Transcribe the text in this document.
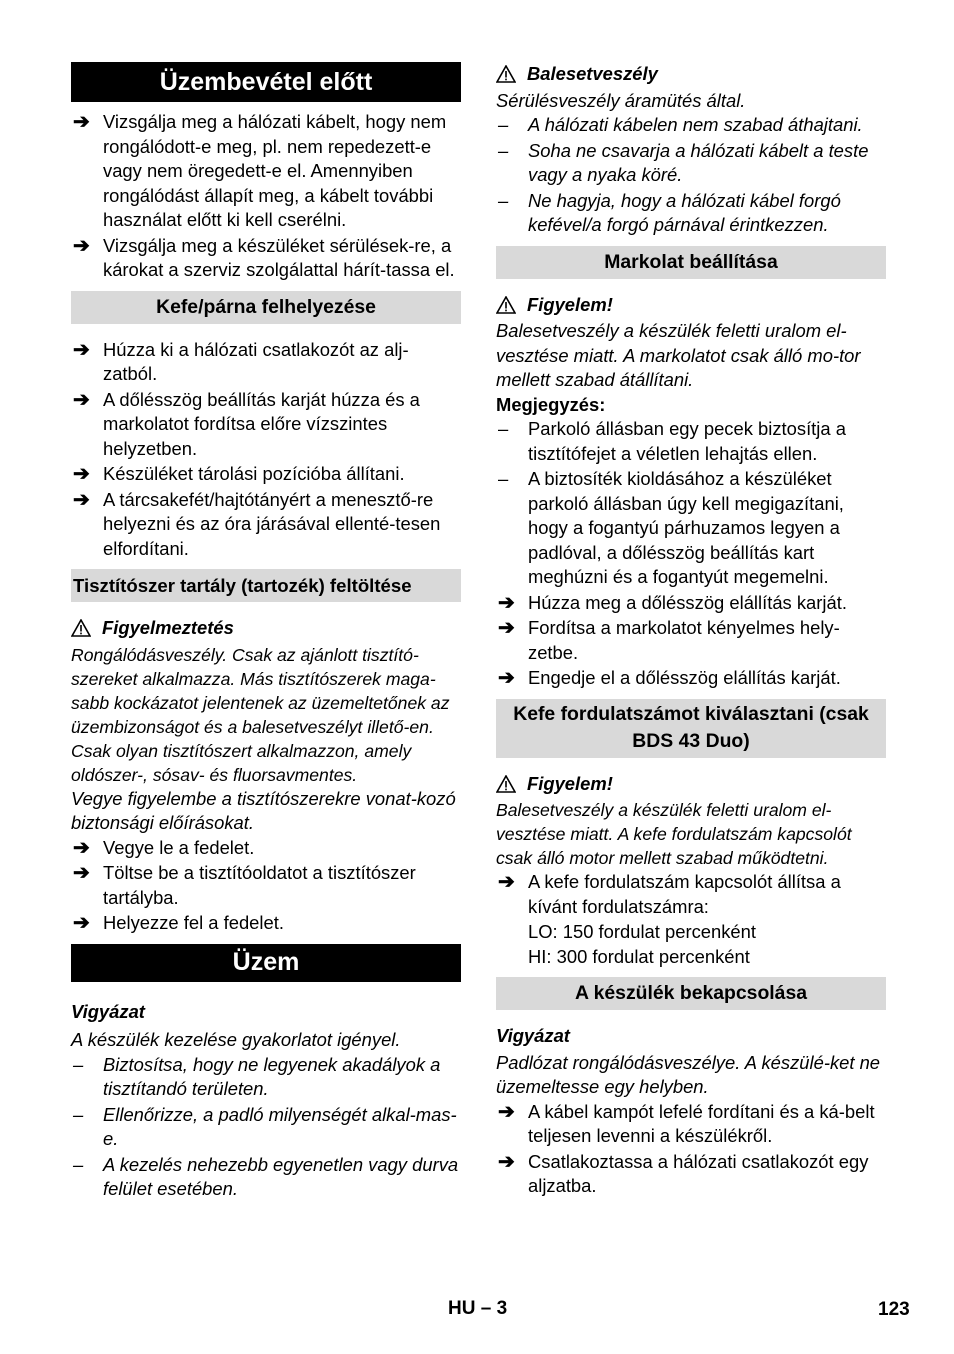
Üzembevétel előtt
➔ Vizsgálja meg a hálózati kábelt, hogy nem rongálódott-e meg, pl. nem repedezett-e vagy nem öregedett-e el. Amennyiben rongálódást állapít meg, a kábelt további használat előtt ki kell cserélni.
➔ Vizsgálja meg a készüléket sérülések-re, a károkat a szerviz szolgálattal hárít-tassa el.
Kefe/párna felhelyezése
➔ Húzza ki a hálózati csatlakozót az alj-zatból.
➔ A dőlésszög beállítás karját húzza és a markolatot fordítsa előre vízszintes helyzetben.
➔ Készüléket tárolási pozícióba állítani.
➔ A tárcsakefét/hajtótányért a menesztő-re helyezni és az óra járásával ellenté-tesen elfordítani.
Tisztítószer tartály (tartozék) feltöltése
Figyelmeztetés
Rongálódásveszély. Csak az ajánlott tisztító-szereket alkalmazza. Más tisztítószerek maga-sabb kockázatot jelentenek az üzemeltetőnek az üzembizonságot és a balesetveszélyt illető-en. Csak olyan tisztítószert alkalmazzon, amely oldószer-, sósav- és fluorsavmentes.
Vegye figyelembe a tisztítószerekre vonat-kozó biztonsági előírásokat.
➔ Vegye le a fedelet.
➔ Töltse be a tisztítóoldatot a tisztítószer tartályba.
➔ Helyezze fel a fedelet.
Üzem
Vigyázat
A készülék kezelése gyakorlatot igényel.
–	Biztosítsa, hogy ne legyenek akadályok a tisztítandó területen.
–	Ellenőrizze, a padló milyenségét alkal-mas-e.
–	A kezelés nehezebb egyenetlen vagy durva felület esetében.
Balesetveszély
Sérülésveszély áramütés által.
–	A hálózati kábelen nem szabad áthajtani.
–	Soha ne csavarja a hálózati kábelt a teste vagy a nyaka köré.
–	Ne hagyja, hogy a hálózati kábel forgó kefével/a forgó párnával érintkezzen.
Markolat beállítása
Figyelem!
Balesetveszély a készülék feletti uralom el-vesztése miatt. A markolatot csak álló mo-tor mellett szabad átállítani.
Megjegyzés:
–	Parkoló állásban egy pecek biztosítja a tisztítófejet a véletlen lehajtás ellen.
–	A biztosíték kioldásához a készüléket parkoló állásban úgy kell megigazítani, hogy a fogantyú párhuzamos legyen a padlóval, a dőlésszög beállítás kart meghúzni és a fogantyút megemelni.
➔ Húzza meg a dőlésszög elállítás karját.
➔ Fordítsa a markolatot kényelmes hely-zetbe.
➔ Engedje el a dőlésszög elállítás karját.
Kefe fordulatszámot kiválasztani (csak BDS 43 Duo)
Figyelem!
Balesetveszély a készülék feletti uralom el-vesztése miatt. A kefe fordulatszám kapcsolót csak álló motor mellett szabad működtetni.
➔ A kefe fordulatszám kapcsolót állítsa a kívánt fordulatszámra:
LO: 150 fordulat percenként
HI: 300 fordulat percenként
A készülék bekapcsolása
Vigyázat
Padlózat rongálódásveszélye. A készülé-ket ne üzemeltesse egy helyben.
➔ A kábel kampót lefelé fordítani és a ká-belt teljesen levenni a készülékről.
➔ Csatlakoztassa a hálózati csatlakozót egy aljzatba.
HU – 3	123
